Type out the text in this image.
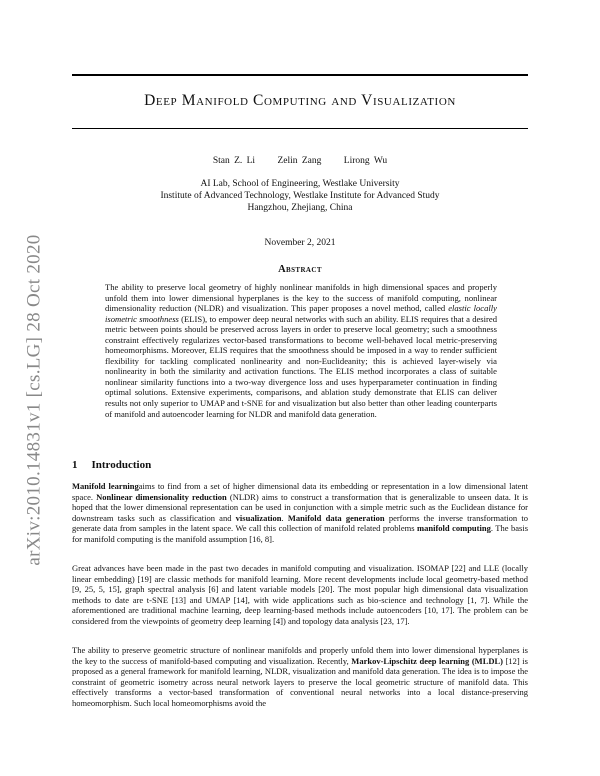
arXiv:2010.14831v1 [cs.LG] 28 Oct 2020
Deep Manifold Computing and Visualization
Stan Z. Li Zelin Zang Lirong Wu
AI Lab, School of Engineering, Westlake University
Institute of Advanced Technology, Westlake Institute for Advanced Study
Hangzhou, Zhejiang, China
November 2, 2021
Abstract
The ability to preserve local geometry of highly nonlinear manifolds in high dimensional spaces and properly unfold them into lower dimensional hyperplanes is the key to the success of manifold computing, nonlinear dimensionality reduction (NLDR) and visualization. This paper proposes a novel method, called elastic locally isometric smoothness (ELIS), to empower deep neural networks with such an ability. ELIS requires that a desired metric between points should be preserved across layers in order to preserve local geometry; such a smoothness constraint effectively regularizes vector-based transformations to become well-behaved local metric-preserving homeomorphisms. Moreover, ELIS requires that the smoothness should be imposed in a way to render sufficient flexibility for tackling complicated nonlinearity and non-Euclideanity; this is achieved layer-wisely via nonlinearity in both the similarity and activation functions. The ELIS method incorporates a class of suitable nonlinear similarity functions into a two-way divergence loss and uses hyperparameter continuation in finding optimal solutions. Extensive experiments, comparisons, and ablation study demonstrate that ELIS can deliver results not only superior to UMAP and t-SNE for and visualization but also better than other leading counterparts of manifold and autoencoder learning for NLDR and manifold data generation.
1 Introduction
Manifold learningaims to find from a set of higher dimensional data its embedding or representation in a low dimensional latent space. Nonlinear dimensionality reduction (NLDR) aims to construct a transformation that is generalizable to unseen data. It is hoped that the lower dimensional representation can be used in conjunction with a simple metric such as the Euclidean distance for downstream tasks such as classification and visualization. Manifold data generation performs the inverse transformation to generate data from samples in the latent space. We call this collection of manifold related problems manifold computing. The basis for manifold computing is the manifold assumption [16, 8].
Great advances have been made in the past two decades in manifold computing and visualization. ISOMAP [22] and LLE (locally linear embedding) [19] are classic methods for manifold learning. More recent developments include local geometry-based method [9, 25, 5, 15], graph spectral analysis [6] and latent variable models [20]. The most popular high dimensional data visualization methods to date are t-SNE [13] and UMAP [14], with wide applications such as bio-science and technology [1, 7]. While the aforementioned are traditional machine learning, deep learning-based methods include autoencoders [10, 17]. The problem can be considered from the viewpoints of geometry deep learning [4]) and topology data analysis [23, 17].
The ability to preserve geometric structure of nonlinear manifolds and properly unfold them into lower dimensional hyperplanes is the key to the success of manifold-based computing and visualization. Recently, Markov-Lipschitz deep learning (MLDL) [12] is proposed as a general framework for manifold learning, NLDR, visualization and manifold data generation. The idea is to impose the constraint of geometric isometry across neural network layers to preserve the local geometric structure of manifold data. This effectively transforms a vector-based transformation of conventional neural networks into a local distance-preserving homeomorphism. Such local homeomorphisms avoid the
